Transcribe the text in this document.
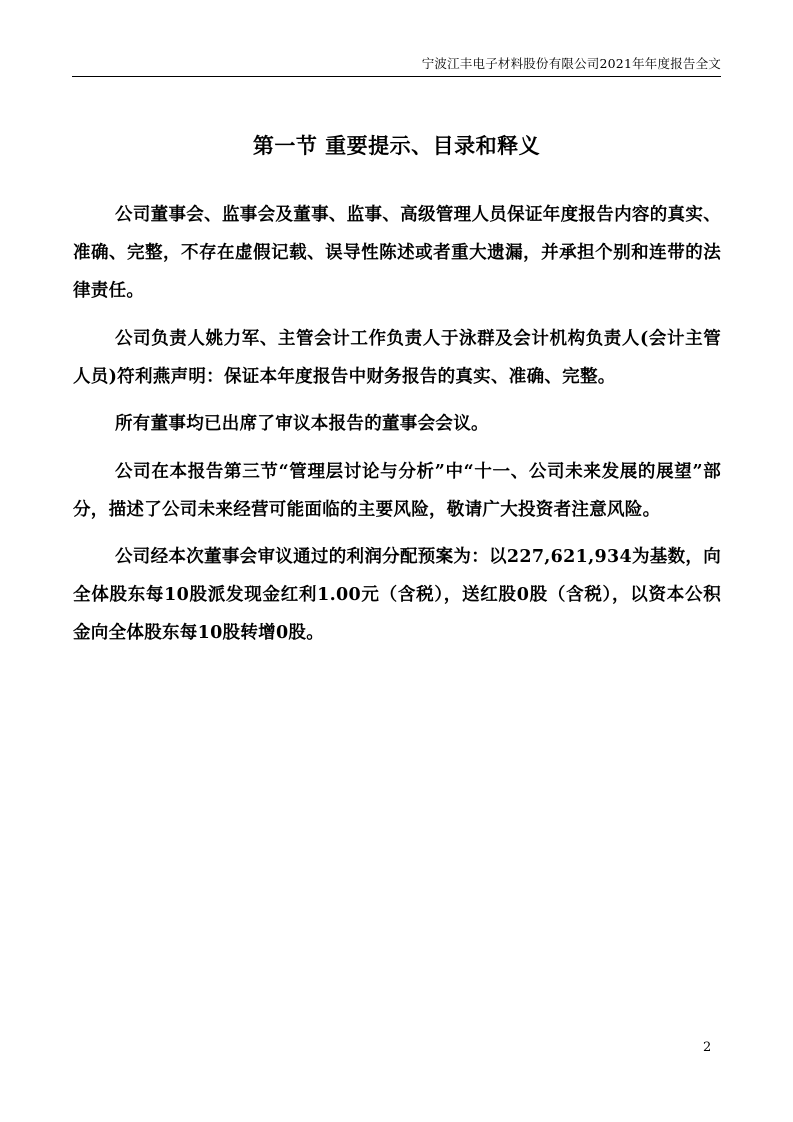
宁波江丰电子材料股份有限公司2021年年度报告全文
第一节 重要提示、目录和释义

公司董事会、监事会及董事、监事、高级管理人员保证年度报告内容的真实、准确、完整，不存在虚假记载、误导性陈述或者重大遗漏，并承担个别和连带的法律责任。

公司负责人姚力军、主管会计工作负责人于泳群及会计机构负责人(会计主管人员)符利燕声明：保证本年度报告中财务报告的真实、准确、完整。

所有董事均已出席了审议本报告的董事会会议。

公司在本报告第三节“管理层讨论与分析”中“十一、公司未来发展的展望”部分，描述了公司未来经营可能面临的主要风险，敬请广大投资者注意风险。

公司经本次董事会审议通过的利润分配预案为：以227,621,934为基数，向全体股东每10股派发现金红利1.00元（含税），送红股0股（含税），以资本公积金向全体股东每10股转增0股。

2
